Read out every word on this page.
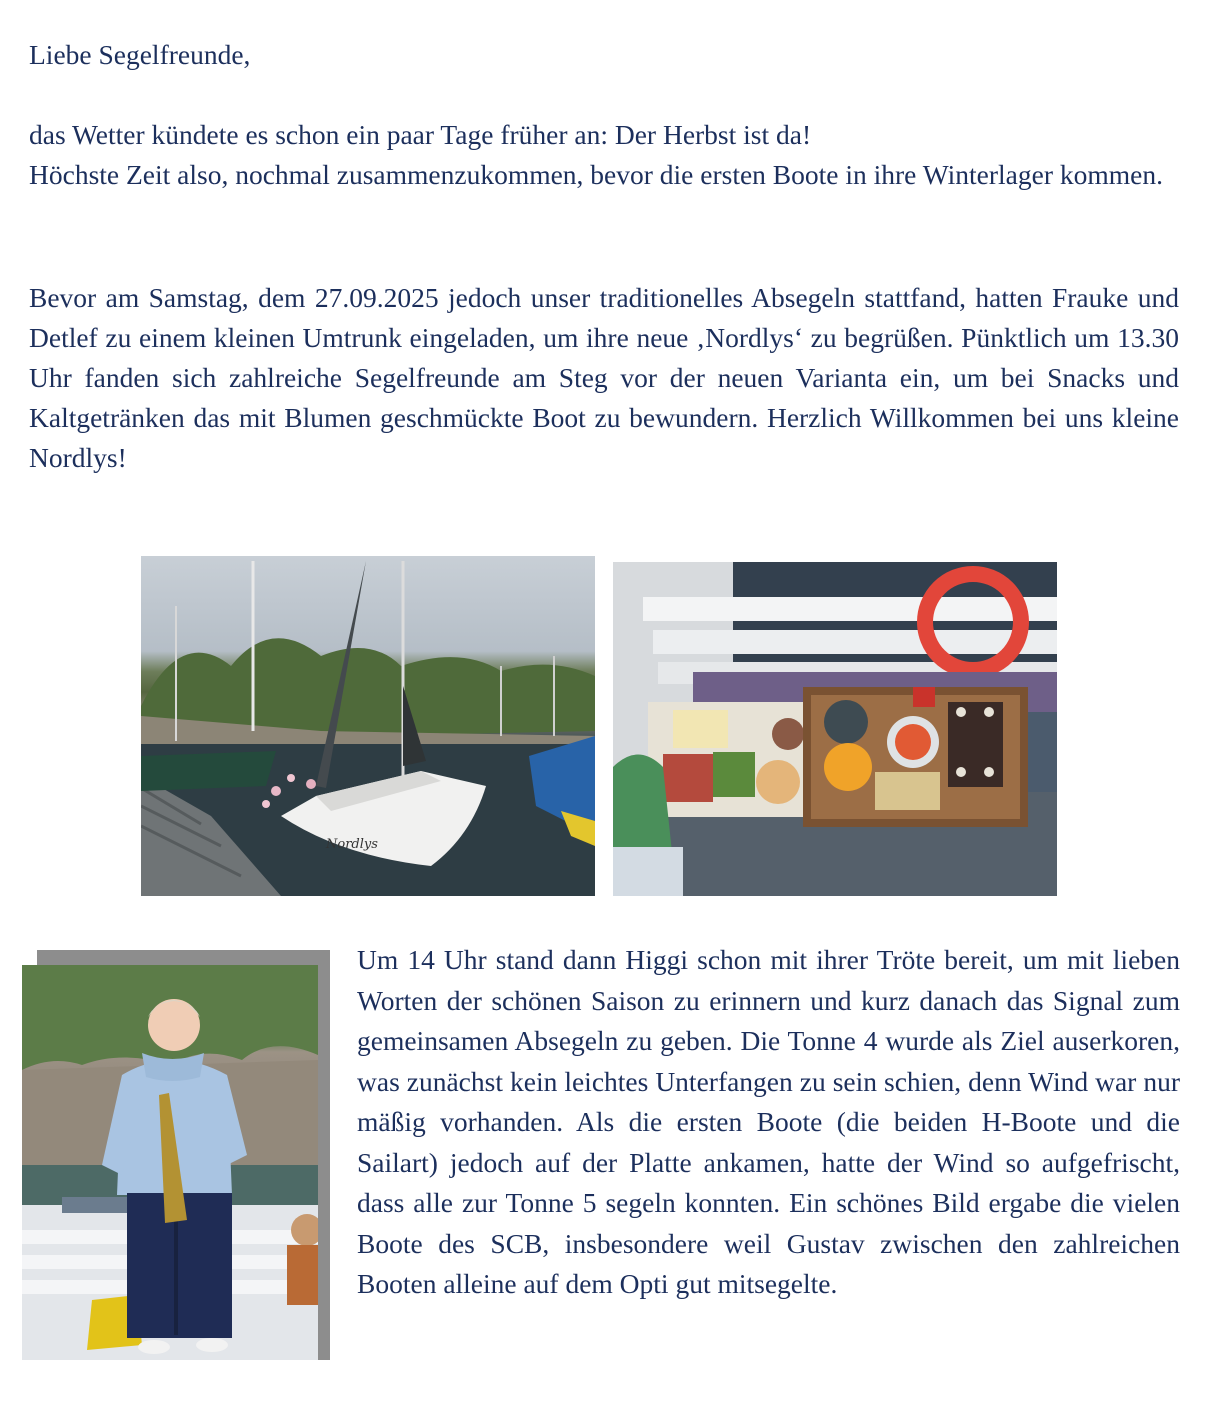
Liebe Segelfreunde,

das Wetter kündete es schon ein paar Tage früher an: Der Herbst ist da!

Höchste Zeit also, nochmal zusammenzukommen, bevor die ersten Boote in ihre Winterlager kommen.

Bevor am Samstag, dem 27.09.2025 jedoch unser traditionelles Absegeln stattfand, hatten Frauke und Detlef zu einem kleinen Umtrunk eingeladen, um ihre neue ‚Nordlys‘ zu begrüßen. Pünktlich um 13.30 Uhr fanden sich zahlreiche Segelfreunde am Steg vor der neuen Varianta ein, um bei Snacks und Kaltgetränken das mit Blumen geschmückte Boot zu bewundern. Herzlich Willkommen bei uns kleine Nordlys!

Nordlys

Um 14 Uhr stand dann Higgi schon mit ihrer Tröte bereit, um mit lieben Worten der schönen Saison zu erinnern und kurz danach das Signal zum gemeinsamen Absegeln zu geben. Die Tonne 4 wurde als Ziel auserkoren, was zunächst kein leichtes Unterfangen zu sein schien, denn Wind war nur mäßig vorhanden. Als die ersten Boote (die beiden H-Boote und die Sailart) jedoch auf der Platte ankamen, hatte der Wind so aufgefrischt, dass alle zur Tonne 5 segeln konnten. Ein schönes Bild ergabe die vielen Boote des SCB, insbesondere weil Gustav zwischen den zahlreichen Booten alleine auf dem Opti gut mitsegelte.
